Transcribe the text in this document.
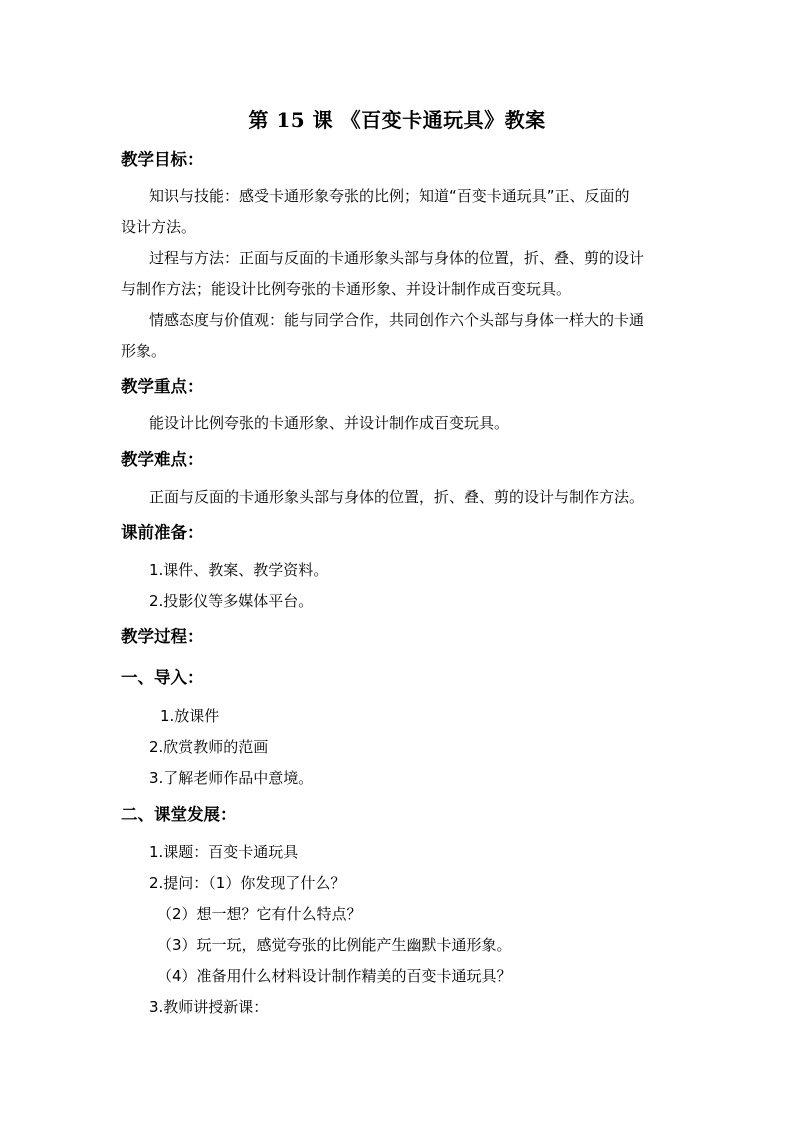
第 15 课 《百变卡通玩具》教案
教学目标：
知识与技能：感受卡通形象夸张的比例；知道“百变卡通玩具”正、反面的
设计方法。
过程与方法：正面与反面的卡通形象头部与身体的位置，折、叠、剪的设计
与制作方法；能设计比例夸张的卡通形象、并设计制作成百变玩具。
情感态度与价值观：能与同学合作，共同创作六个头部与身体一样大的卡通
形象。
教学重点：
能设计比例夸张的卡通形象、并设计制作成百变玩具。
教学难点：
正面与反面的卡通形象头部与身体的位置，折、叠、剪的设计与制作方法。
课前准备：
1.课件、教案、教学资料。
2.投影仪等多媒体平台。
教学过程：
一、导入：
1.放课件
2.欣赏教师的范画
3.了解老师作品中意境。
二、课堂发展：
1.课题：百变卡通玩具
2.提问：（1）你发现了什么？
（2）想一想？它有什么特点？
（3）玩一玩，感觉夸张的比例能产生幽默卡通形象。
（4）准备用什么材料设计制作精美的百变卡通玩具？
3.教师讲授新课：
